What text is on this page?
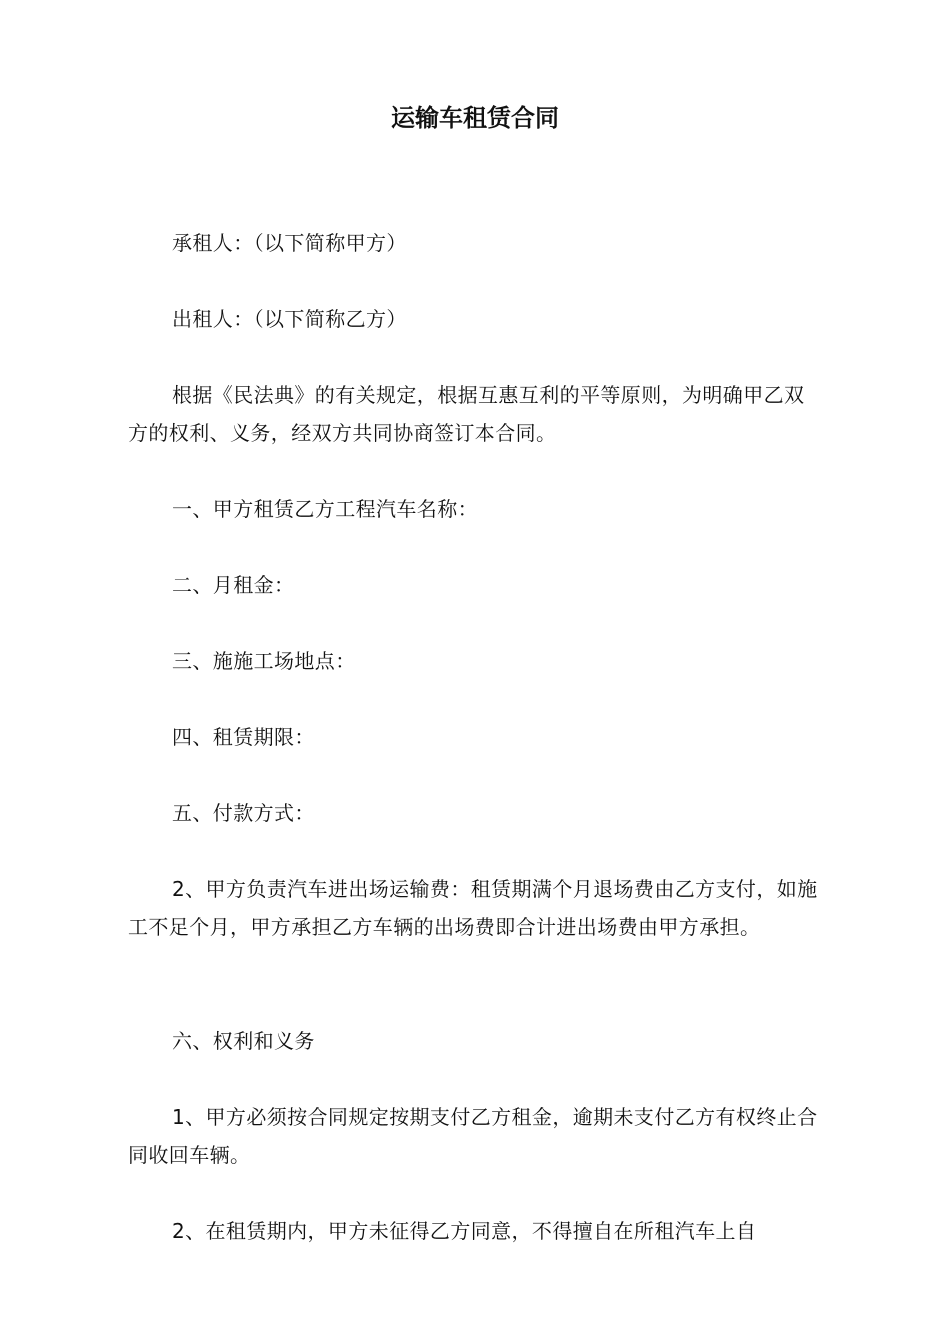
运输车租赁合同

承租人：（以下简称甲方）

出租人：（以下简称乙方）

根据《民法典》的有关规定，根据互惠互利的平等原则，为明确甲乙双方的权利、义务，经双方共同协商签订本合同。

一、甲方租赁乙方工程汽车名称：

二、月租金：

三、施施工场地点：

四、租赁期限：

五、付款方式：

2、甲方负责汽车进出场运输费：租赁期满个月退场费由乙方支付，如施工不足个月，甲方承担乙方车辆的出场费即合计进出场费由甲方承担。

六、权利和义务

1、甲方必须按合同规定按期支付乙方租金，逾期未支付乙方有权终止合同收回车辆。

2、在租赁期内，甲方未征得乙方同意，不得擅自在所租汽车上自
